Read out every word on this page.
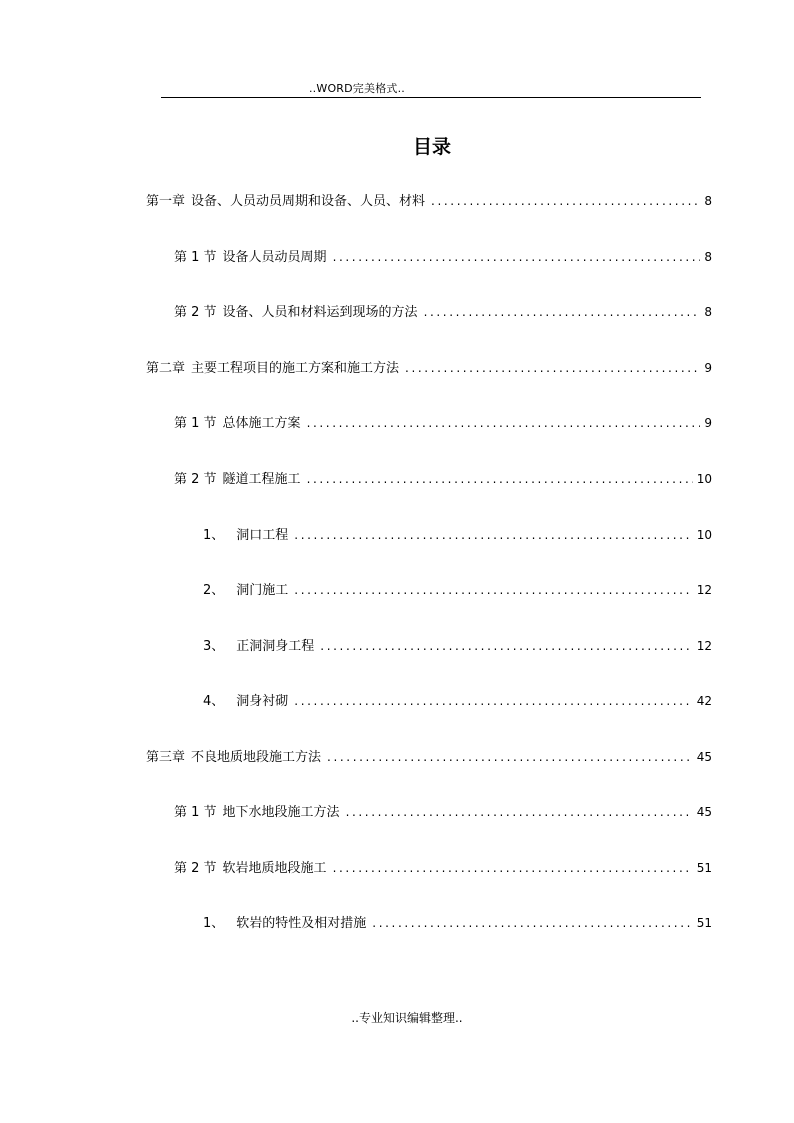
..WORD完美格式..
目录
第一章 设备、人员动员周期和设备、人员、材料 .....	8
第 1 节 设备人员动员周期 .....	8
第 2 节 设备、人员和材料运到现场的方法 .....	8
第二章 主要工程项目的施工方案和施工方法 .....	9
第 1 节 总体施工方案 .....	9
第 2 节 隧道工程施工 .....	10
1、 洞口工程 .....	10
2、 洞门施工 .....	12
3、 正洞洞身工程 .....	12
4、 洞身衬砌 .....	42
第三章 不良地质地段施工方法 .....	45
第 1 节 地下水地段施工方法 .....	45
第 2 节 软岩地质地段施工 .....	51
1、 软岩的特性及相对措施 .....	51
..专业知识编辑整理..
